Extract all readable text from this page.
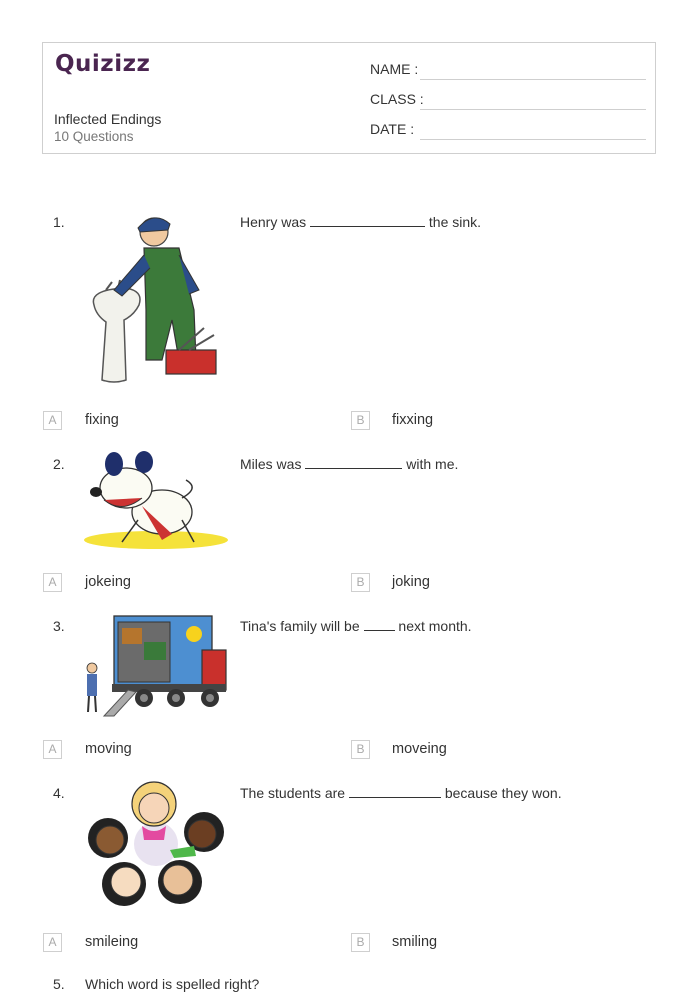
Quizizz
Inflected Endings
10 Questions
NAME :
CLASS :
DATE :
1.	Henry was	the sink.
A	fixing	B	fixxing
2.	Miles was	with me.
A	jokeing	B	joking
3.	Tina's family will be	next month.
A	moving	B	moveing
4.	The students are	because they won.
A	smileing	B	smiling
5. Which word is spelled right?
